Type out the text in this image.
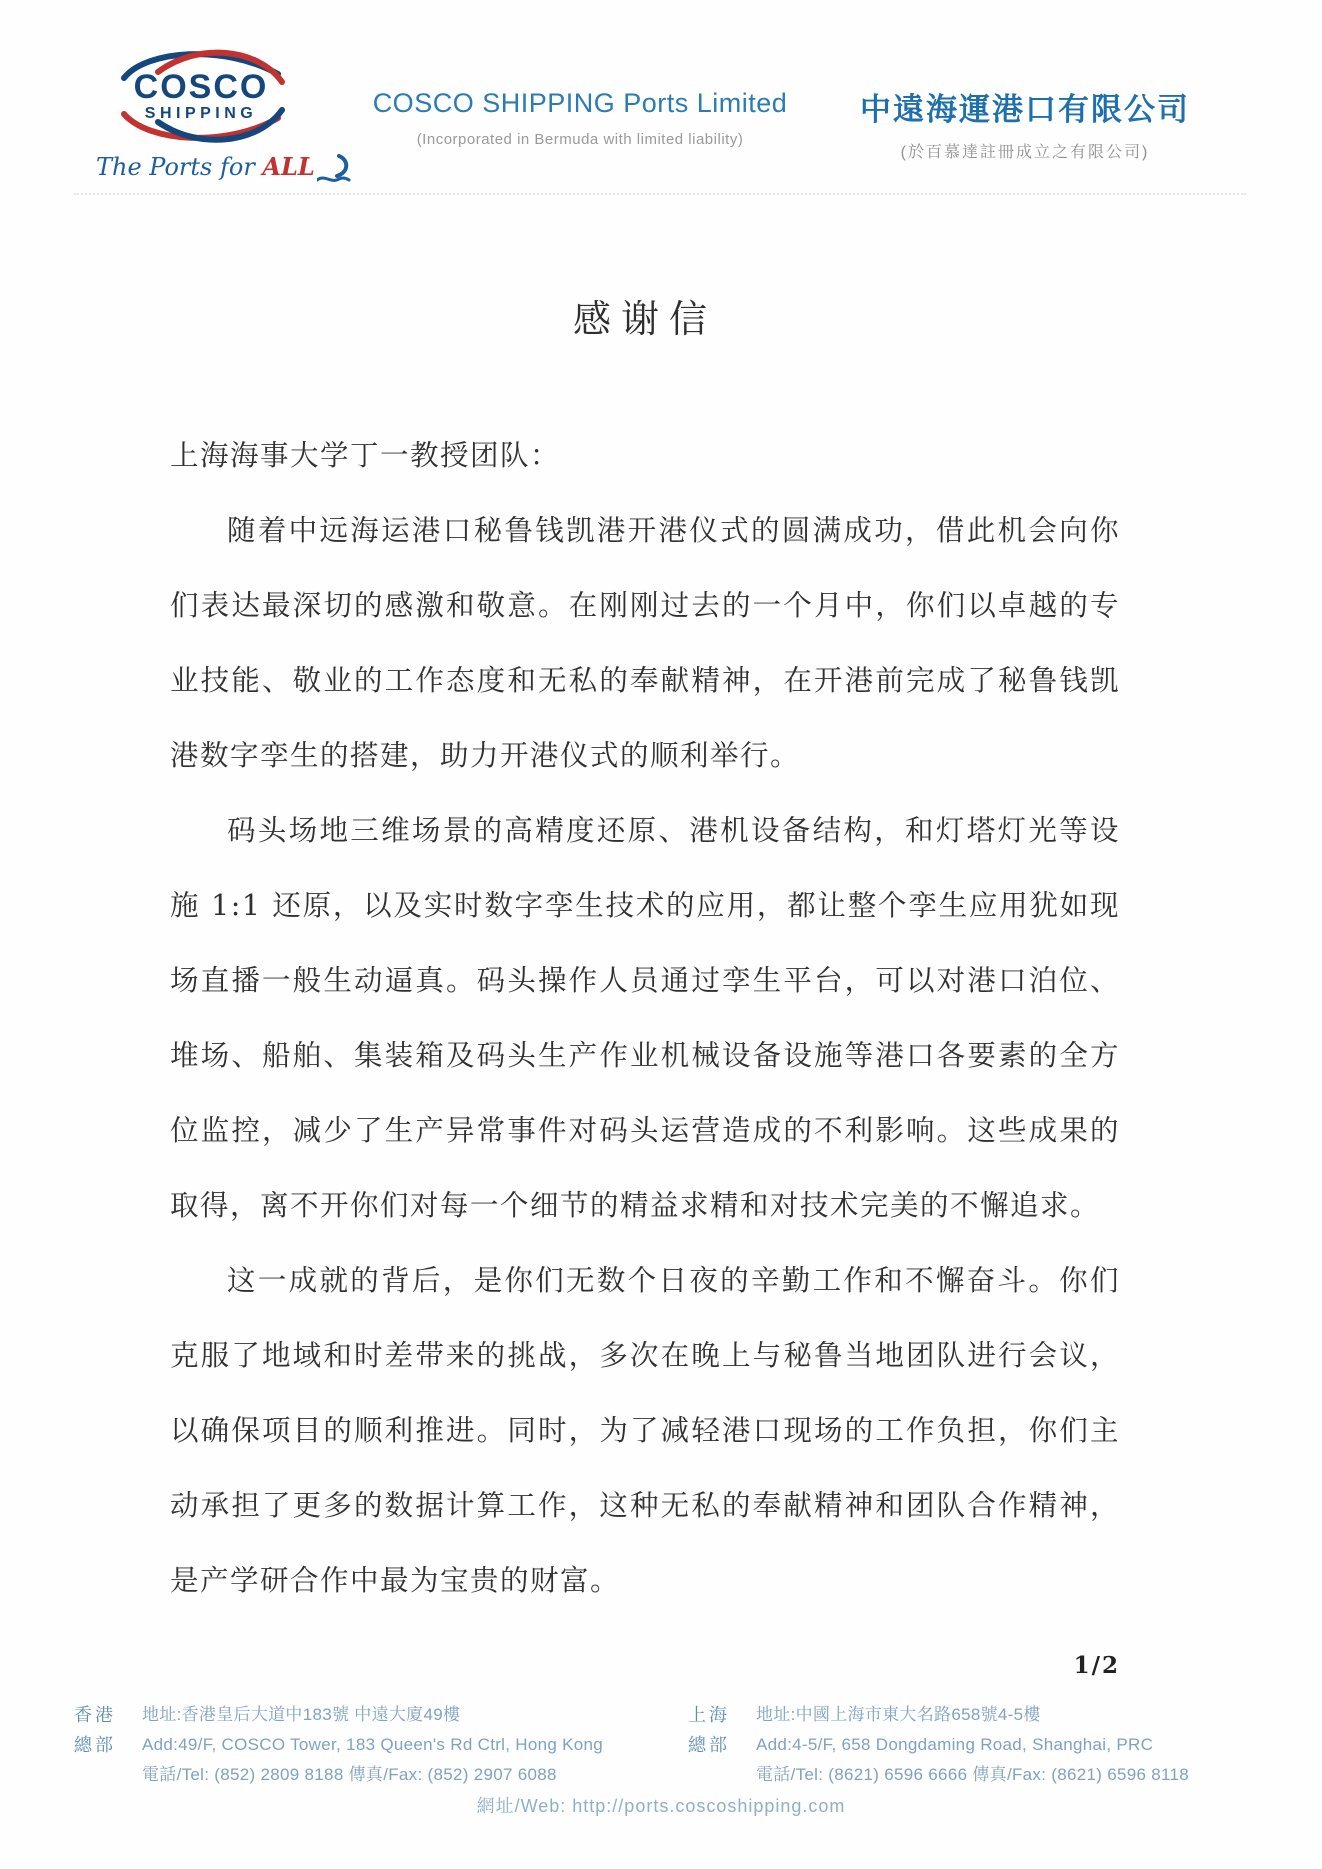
COSCO
SHIPPING
The Ports for ALL
COSCO SHIPPING Ports Limited
(Incorporated in Bermuda with limited liability)
中遠海運港口有限公司
(於百慕達註冊成立之有限公司)
感谢信

上海海事大学丁一教授团队：

随着中远海运港口秘鲁钱凯港开港仪式的圆满成功，借此机会向你们表达最深切的感激和敬意。在刚刚过去的一个月中，你们以卓越的专业技能、敬业的工作态度和无私的奉献精神，在开港前完成了秘鲁钱凯港数字孪生的搭建，助力开港仪式的顺利举行。

码头场地三维场景的高精度还原、港机设备结构，和灯塔灯光等设施 1:1 还原，以及实时数字孪生技术的应用，都让整个孪生应用犹如现场直播一般生动逼真。码头操作人员通过孪生平台，可以对港口泊位、堆场、船舶、集装箱及码头生产作业机械设备设施等港口各要素的全方位监控，减少了生产异常事件对码头运营造成的不利影响。这些成果的取得，离不开你们对每一个细节的精益求精和对技术完美的不懈追求。

这一成就的背后，是你们无数个日夜的辛勤工作和不懈奋斗。你们克服了地域和时差带来的挑战，多次在晚上与秘鲁当地团队进行会议，以确保项目的顺利推进。同时，为了减轻港口现场的工作负担，你们主动承担了更多的数据计算工作，这种无私的奉献精神和团队合作精神，是产学研合作中最为宝贵的财富。

1/2
香港
總部
地址:香港皇后大道中183號 中遠大廈49樓
Add:49/F, COSCO Tower, 183 Queen's Rd Ctrl, Hong Kong
電話/Tel: (852) 2809 8188 傳真/Fax: (852) 2907 6088
上海
總部
地址:中國上海市東大名路658號4-5樓
Add:4-5/F, 658 Dongdaming Road, Shanghai, PRC
電話/Tel: (8621) 6596 6666 傳真/Fax: (8621) 6596 8118
網址/Web: http://ports.coscoshipping.com
